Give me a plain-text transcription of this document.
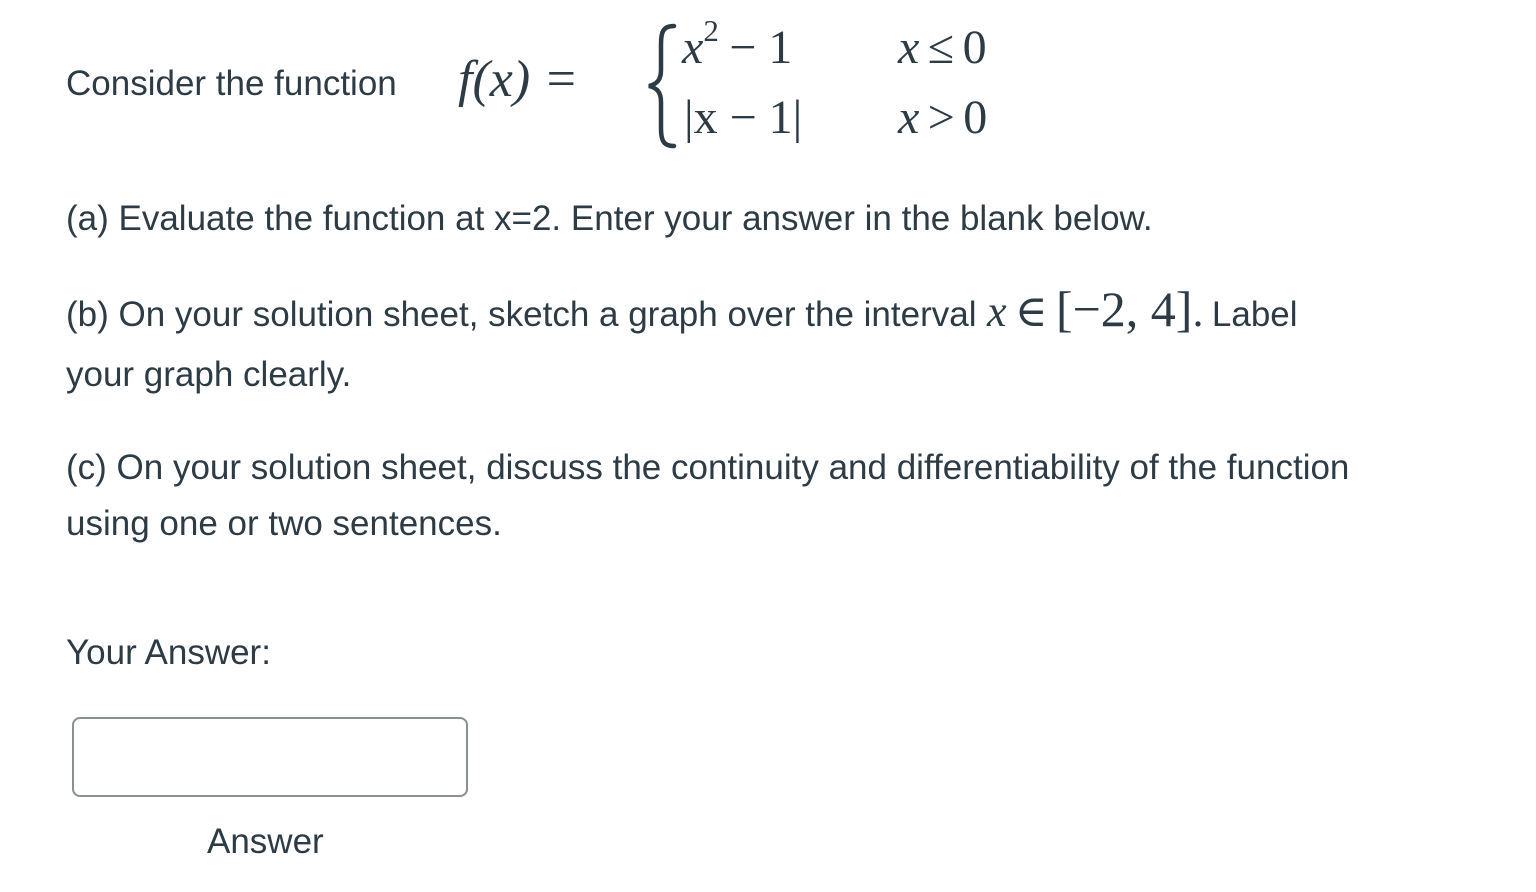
Consider the function f(x) =
x2 − 1 x ≤ 0
|x − 1| x > 0
(a) Evaluate the function at x=2. Enter your answer in the blank below.
(b) On your solution sheet, sketch a graph over the interval x ∈ [−2, 4]. Label
your graph clearly.
(c) On your solution sheet, discuss the continuity and differentiability of the function
using one or two sentences.
Your Answer:
Answer
